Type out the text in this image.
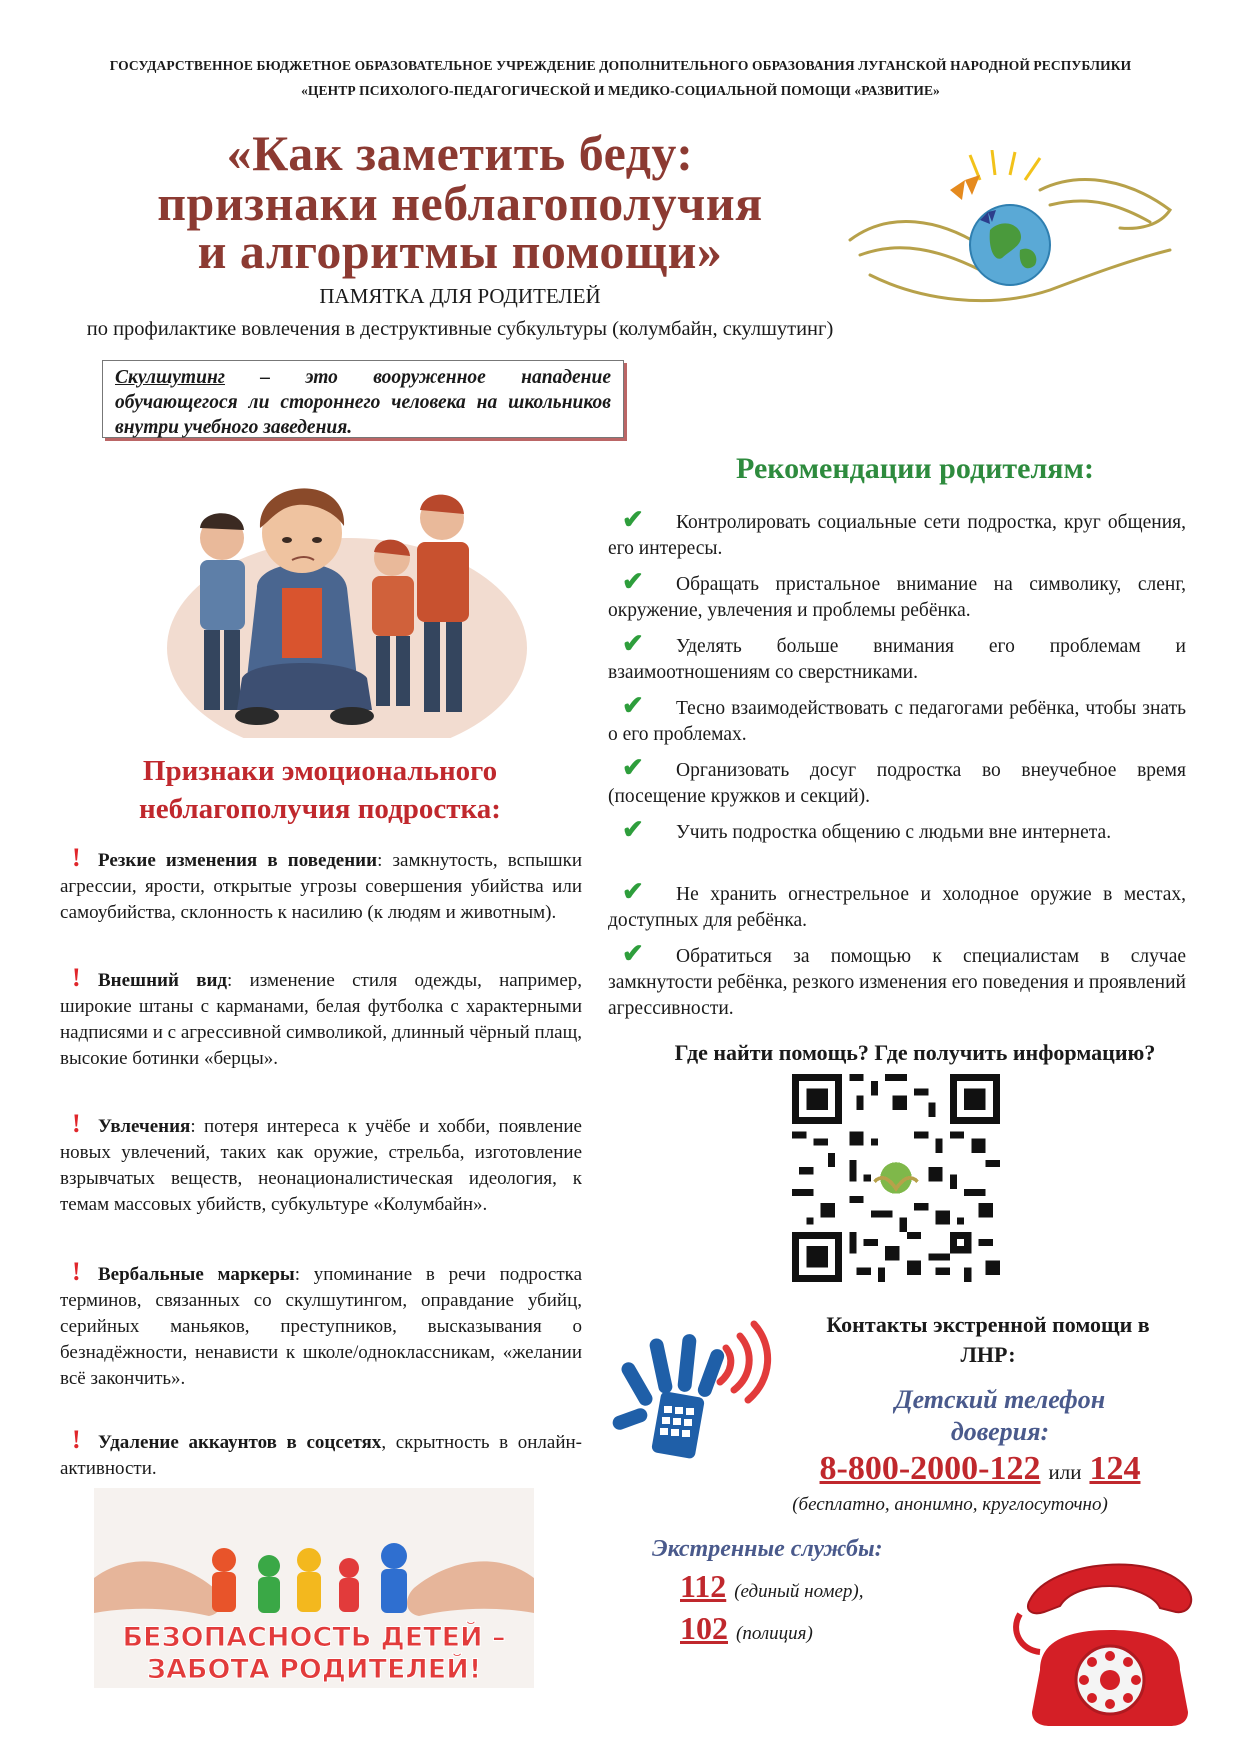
ГОСУДАРСТВЕННОЕ БЮДЖЕТНОЕ ОБРАЗОВАТЕЛЬНОЕ УЧРЕЖДЕНИЕ ДОПОЛНИТЕЛЬНОГО ОБРАЗОВАНИЯ ЛУГАНСКОЙ НАРОДНОЙ РЕСПУБЛИКИ
«ЦЕНТР ПСИХОЛОГО-ПЕДАГОГИЧЕСКОЙ И МЕДИКО-СОЦИАЛЬНОЙ ПОМОЩИ «РАЗВИТИЕ»
«Как заметить беду:
признаки неблагополучия
и алгоритмы помощи»
ПАМЯТКА ДЛЯ РОДИТЕЛЕЙ
по профилактике вовлечения в деструктивные субкультуры (колумбайн, скулшутинг)
Скулшутинг – это вооруженное нападение обучающегося ли стороннего человека на школьников внутри учебного заведения.
Признаки эмоционального
неблагополучия подростка:
! Резкие изменения в поведении: замкнутость, вспышки агрессии, ярости, открытые угрозы совершения убийства или самоубийства, склонность к насилию (к людям и животным).
! Внешний вид: изменение стиля одежды, например, широкие штаны с карманами, белая футболка с характерными надписями и с агрессивной символикой, длинный чёрный плащ, высокие ботинки «берцы».
! Увлечения: потеря интереса к учёбе и хобби, появление новых увлечений, таких как оружие, стрельба, изготовление взрывчатых веществ, неонационалистическая идеология, к темам массовых убийств, субкультуре «Колумбайн».
! Вербальные маркеры: упоминание в речи подростка терминов, связанных со скулшутингом, оправдание убийц, серийных маньяков, преступников, высказывания о безнадёжности, ненависти к школе/одноклассникам, «желании всё закончить».
! Удаление аккаунтов в соцсетях, скрытность в онлайн-активности.
БЕЗОПАСНОСТЬ ДЕТЕЙ –
ЗАБОТА РОДИТЕЛЕЙ!
Рекомендации родителям:
✔ Контролировать социальные сети подростка, круг общения, его интересы.
✔ Обращать пристальное внимание на символику, сленг, окружение, увлечения и проблемы ребёнка.
✔ Уделять больше внимания его проблемам и взаимоотношениям со сверстниками.
✔ Тесно взаимодействовать с педагогами ребёнка, чтобы знать о его проблемах.
✔ Организовать досуг подростка во внеучебное время (посещение кружков и секций).
✔ Учить подростка общению с людьми вне интернета.
✔ Не хранить огнестрельное и холодное оружие в местах, доступных для ребёнка.
✔ Обратиться за помощью к специалистам в случае замкнутости ребёнка, резкого изменения его поведения и проявлений агрессивности.
Где найти помощь? Где получить информацию?
Контакты экстренной помощи в
ЛНР:
Детский телефон
доверия:
8-800-2000-122 или 124
(бесплатно, анонимно, круглосуточно)
Экстренные службы:
112 (единый номер),
102 (полиция)
